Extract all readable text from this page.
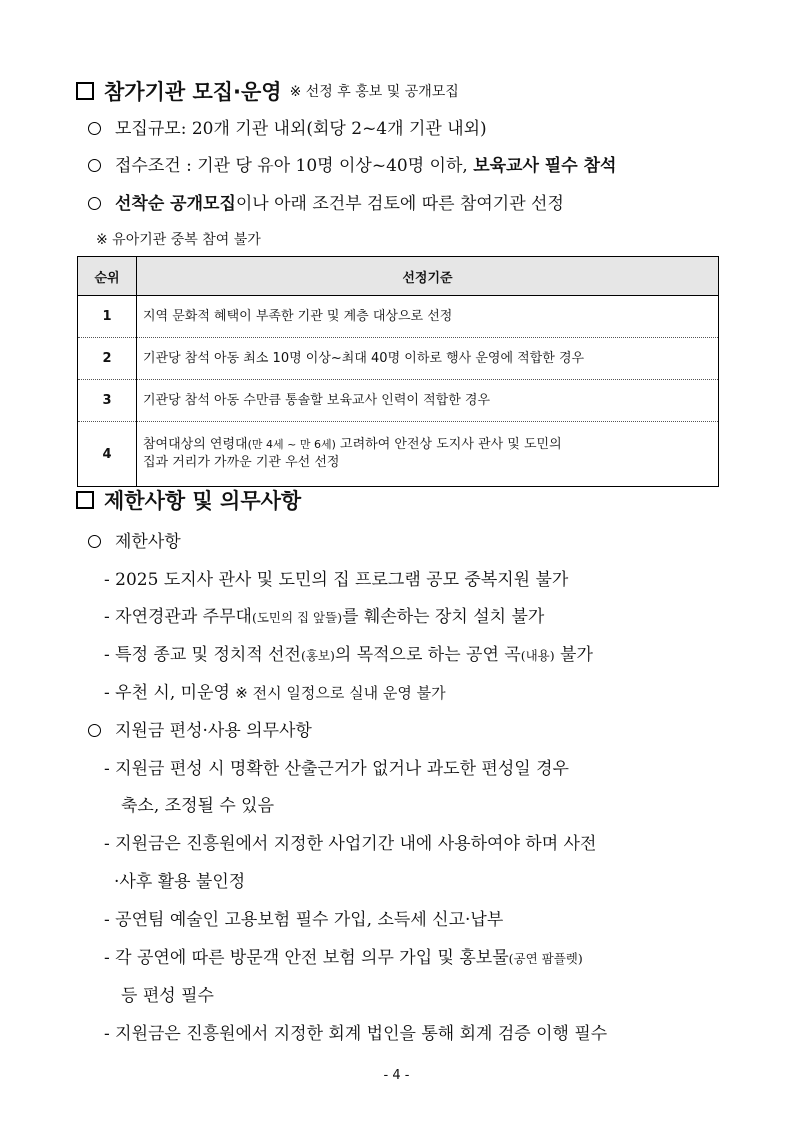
참가기관 모집·운영 ※ 선정 후 홍보 및 공개모집
모집규모: 20개 기관 내외(회당 2~4개 기관 내외)
접수조건 : 기관 당 유아 10명 이상~40명 이하, 보육교사 필수 참석
선착순 공개모집이나 아래 조건부 검토에 따른 참여기관 선정
※ 유아기관 중복 참여 불가
순위	선정기준
1	지역 문화적 혜택이 부족한 기관 및 계층 대상으로 선정
2	기관당 참석 아동 최소 10명 이상~최대 40명 이하로 행사 운영에 적합한 경우
3	기관당 참석 아동 수만큼 통솔할 보육교사 인력이 적합한 경우
4	참여대상의 연령대(만 4세 ~ 만 6세) 고려하여 안전상 도지사 관사 및 도민의
집과 거리가 가까운 기관 우선 선정
제한사항 및 의무사항
제한사항
- 2025 도지사 관사 및 도민의 집 프로그램 공모 중복지원 불가
- 자연경관과 주무대(도민의 집 앞뜰)를 훼손하는 장치 설치 불가
- 특정 종교 및 정치적 선전(홍보)의 목적으로 하는 공연 곡(내용) 불가
- 우천 시, 미운영 ※ 전시 일정으로 실내 운영 불가
지원금 편성·사용 의무사항
- 지원금 편성 시 명확한 산출근거가 없거나 과도한 편성일 경우
축소, 조정될 수 있음
- 지원금은 진흥원에서 지정한 사업기간 내에 사용하여야 하며 사전
·사후 활용 불인정
- 공연팀 예술인 고용보험 필수 가입, 소득세 신고·납부
- 각 공연에 따른 방문객 안전 보험 의무 가입 및 홍보물(공연 팜플렛)
등 편성 필수
- 지원금은 진흥원에서 지정한 회계 법인을 통해 회계 검증 이행 필수
- 4 -
